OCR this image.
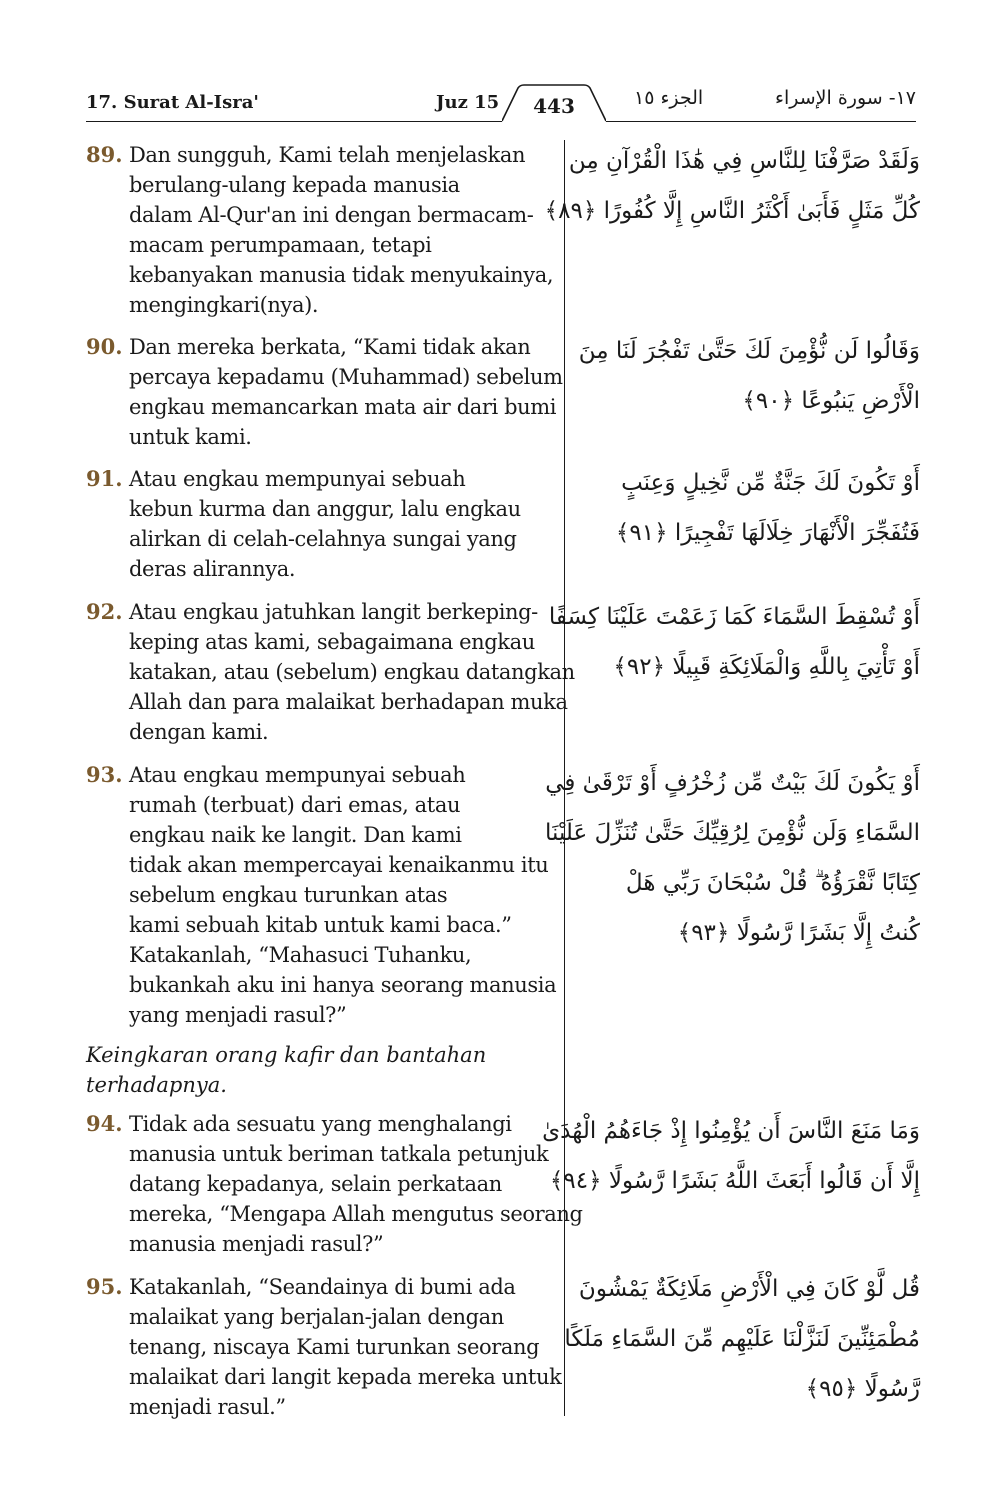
17. Surat Al-Isra'	Juz 15	443	الجزء ١٥	١٧- سورة الإسراء
89. Dan sungguh, Kami telah menjelaskan
berulang-ulang kepada manusia
dalam Al-Qur'an ini dengan bermacam-
macam perumpamaan, tetapi
kebanyakan manusia tidak menyukainya,
mengingkari(nya).
وَلَقَدْ صَرَّفْنَا لِلنَّاسِ فِي هَٰذَا الْقُرْآنِ مِن
كُلِّ مَثَلٍ فَأَبَىٰ أَكْثَرُ النَّاسِ إِلَّا كُفُورًا ﴿٨٩﴾
90. Dan mereka berkata, “Kami tidak akan
percaya kepadamu (Muhammad) sebelum
engkau memancarkan mata air dari bumi
untuk kami.
وَقَالُوا لَن نُّؤْمِنَ لَكَ حَتَّىٰ تَفْجُرَ لَنَا مِنَ
الْأَرْضِ يَنبُوعًا ﴿٩٠﴾
91. Atau engkau mempunyai sebuah
kebun kurma dan anggur, lalu engkau
alirkan di celah-celahnya sungai yang
deras alirannya.
أَوْ تَكُونَ لَكَ جَنَّةٌ مِّن نَّخِيلٍ وَعِنَبٍ
فَتُفَجِّرَ الْأَنْهَارَ خِلَالَهَا تَفْجِيرًا ﴿٩١﴾
92. Atau engkau jatuhkan langit berkeping-
keping atas kami, sebagaimana engkau
katakan, atau (sebelum) engkau datangkan
Allah dan para malaikat berhadapan muka
dengan kami.
أَوْ تُسْقِطَ السَّمَاءَ كَمَا زَعَمْتَ عَلَيْنَا كِسَفًا
أَوْ تَأْتِيَ بِاللَّهِ وَالْمَلَائِكَةِ قَبِيلًا ﴿٩٢﴾
93. Atau engkau mempunyai sebuah
rumah (terbuat) dari emas, atau
engkau naik ke langit. Dan kami
tidak akan mempercayai kenaikanmu itu
sebelum engkau turunkan atas
kami sebuah kitab untuk kami baca.”
Katakanlah, “Mahasuci Tuhanku,
bukankah aku ini hanya seorang manusia
yang menjadi rasul?”
أَوْ يَكُونَ لَكَ بَيْتٌ مِّن زُخْرُفٍ أَوْ تَرْقَىٰ فِي
السَّمَاءِ وَلَن نُّؤْمِنَ لِرُقِيِّكَ حَتَّىٰ تُنَزِّلَ عَلَيْنَا
كِتَابًا نَّقْرَؤُهُ ۗ قُلْ سُبْحَانَ رَبِّي هَلْ
كُنتُ إِلَّا بَشَرًا رَّسُولًا ﴿٩٣﴾
Keingkaran orang kafir dan bantahan
terhadapnya.
94. Tidak ada sesuatu yang menghalangi
manusia untuk beriman tatkala petunjuk
datang kepadanya, selain perkataan
mereka, “Mengapa Allah mengutus seorang
manusia menjadi rasul?”
وَمَا مَنَعَ النَّاسَ أَن يُؤْمِنُوا إِذْ جَاءَهُمُ الْهُدَىٰ
إِلَّا أَن قَالُوا أَبَعَثَ اللَّهُ بَشَرًا رَّسُولًا ﴿٩٤﴾
95. Katakanlah, “Seandainya di bumi ada
malaikat yang berjalan-jalan dengan
tenang, niscaya Kami turunkan seorang
malaikat dari langit kepada mereka untuk
menjadi rasul.”
قُل لَّوْ كَانَ فِي الْأَرْضِ مَلَائِكَةٌ يَمْشُونَ
مُطْمَئِنِّينَ لَنَزَّلْنَا عَلَيْهِم مِّنَ السَّمَاءِ مَلَكًا
رَّسُولًا ﴿٩٥﴾
